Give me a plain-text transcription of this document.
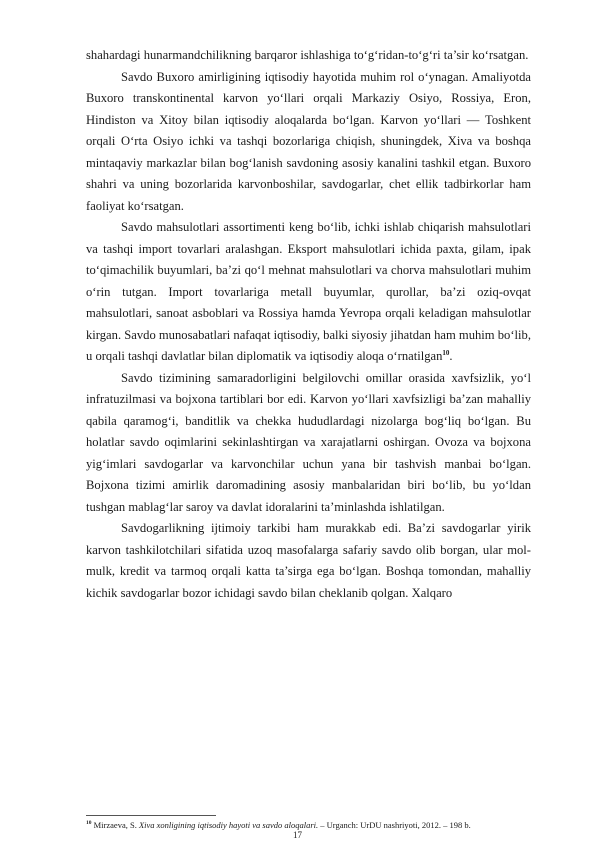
shahardagi hunarmandchilikning barqaror ishlashiga to‘g‘ridan-to‘g‘ri ta’sir ko‘rsatgan.

Savdo Buxoro amirligining iqtisodiy hayotida muhim rol o‘ynagan. Amaliyotda Buxoro transkontinental karvon yo‘llari orqali Markaziy Osiyo, Rossiya, Eron, Hindiston va Xitoy bilan iqtisodiy aloqalarda bo‘lgan. Karvon yo‘llari — Toshkent orqali O‘rta Osiyo ichki va tashqi bozorlariga chiqish, shuningdek, Xiva va boshqa mintaqaviy markazlar bilan bog‘lanish savdoning asosiy kanalini tashkil etgan. Buxoro shahri va uning bozorlarida karvonboshilar, savdogarlar, chet ellik tadbirkorlar ham faoliyat ko‘rsatgan.

Savdo mahsulotlari assortimenti keng bo‘lib, ichki ishlab chiqarish mahsulotlari va tashqi import tovarlari aralashgan. Eksport mahsulotlari ichida paxta, gilam, ipak to‘qimachilik buyumlari, ba’zi qo‘l mehnat mahsulotlari va chorva mahsulotlari muhim o‘rin tutgan. Import tovarlariga metall buyumlar, qurollar, ba’zi oziq-ovqat mahsulotlari, sanoat asboblari va Rossiya hamda Yevropa orqali keladigan mahsulotlar kirgan. Savdo munosabatlari nafaqat iqtisodiy, balki siyosiy jihatdan ham muhim bo‘lib, u orqali tashqi davlatlar bilan diplomatik va iqtisodiy aloqa o‘rnatilgan$^{10}$.

Savdo tizimining samaradorligini belgilovchi omillar orasida xavfsizlik, yo‘l infratuzilmasi va bojxona tartiblari bor edi. Karvon yo‘llari xavfsizligi ba’zan mahalliy qabila qaramog‘i, banditlik va chekka hududlardagi nizolarga bog‘liq bo‘lgan. Bu holatlar savdo oqimlarini sekinlashtirgan va xarajatlarni oshirgan. Ovoza va bojxona yig‘imlari savdogarlar va karvonchilar uchun yana bir tashvish manbai bo‘lgan. Bojxona tizimi amirlik daromadining asosiy manbalaridan biri bo‘lib, bu yo‘ldan tushgan mablag‘lar saroy va davlat idoralarini ta’minlashda ishlatilgan.

Savdogarlikning ijtimoiy tarkibi ham murakkab edi. Ba’zi savdogarlar yirik karvon tashkilotchilari sifatida uzoq masofalarga safariy savdo olib borgan, ular mol-mulk, kredit va tarmoq orqali katta ta’sirga ega bo‘lgan. Boshqa tomondan, mahalliy kichik savdogarlar bozor ichidagi savdo bilan cheklanib qolgan. Xalqaro

$^{10}$ Mirzaeva, S. Xiva xonligining iqtisodiy hayoti va savdo aloqalari. – Urganch: UrDU nashriyoti, 2012. – 198 b.
17
